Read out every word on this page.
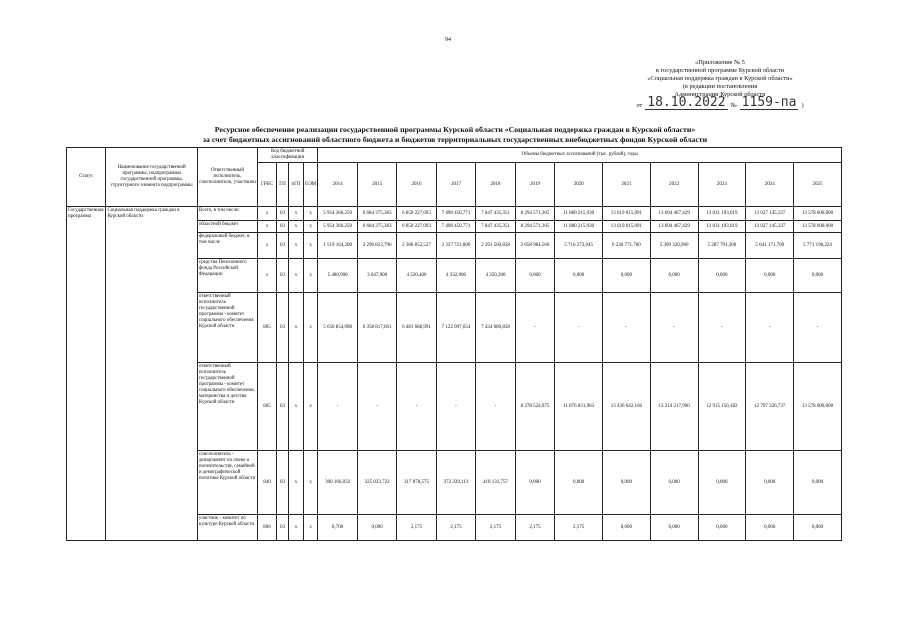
94
«Приложение № 5
к государственной программе Курской области
«Социальная поддержка граждан в Курской области»
(в редакции постановления
Администрации Курской области
от 18.10.2022 № 1159-па )
Ресурсное обеспечение реализации государственной программы Курской области «Социальная поддержка граждан в Курской области»
за счет бюджетных ассигнований областного бюджета и бюджетов территориальных государственных внебюджетных фондов Курской области
Статус	Наименование государственной программы, подпрограммы государственной программы, структурного элемента подпрограммы	Ответственный исполнитель, соисполнители, участники	Код бюджетной классификации				Объемы бюджетных ассигнований (тыс. рублей), годы											
			ГРБС	ГП	пГП	ОЭМ	2014	2015	2016	2017	2018	2019	2020	2021	2022	2023	2024	2025
Государственная программа	Социальная поддержка граждан в Курской области	Всего, в том числе:	x	03	x	x	5 954 366,250	6 684 375,383	6 850 227,093	7 498 450,771	7 847 435,351	8 294 571,305	11 880 215,930	13 619 015,091	13 694 467,429	13 031 193,019	13 027 145,337	13 578 600,000
		областной бюджет	x	03	x	x	5 954 366,250	6 684 375,383	6 850 227,093	7 498 450,771	7 847 435,351	8 294 571,305	11 880 215,930	13 619 015,091	13 694 467,429	13 031 193,019	13 027 145,337	13 578 600,000
		федеральный бюджет, в том числе	x	03	x	x	1 519 164,200	2 296 833,796	2 380 852,527	2 327 721,800	2 391 560,858	2 658 984,500	5 716 273,045	6 236 771,700	5 309 320,960	5 287 791,300	5 641 171,700	5 771 198,224
		средства Пенсионного фонда Российской Федерации	x	03	x	x	5 480,900	3 647,900	4 520,400	4 332,900	4 350,200	0,000	0,000	0,000	0,000	0,000	0,000	0,000
		ответственный исполнитель государственной программы - комитет социального обеспечения Курской области	805	03	x	x	5 650 854,098	6 358 817,661	6 481 688,991	7 122 097,654	7 434 080,858	-	-	-	-	-	-	-
		ответственный исполнитель государственной программы - комитет социального обеспечения, материнства и детства Курской области	805	03	x	x	-	-	-	-	-	8 278 524,975	11 876 831,963	13 436 642,166	13 214 217,990	12 915 156,182	12 797 326,737	13 578 600,000
		соисполнитель - департамент по опеке и попечительству, семейной и демографической политике Курской области	840	03	x	x	300 166,032	325 033,722	317 878,575	372 339,113	410 131,757	0,000	0,000	0,000	0,000	0,000	0,000	0,000
		участник - комитет по культуре Курской области	806	03	x	x	8,700	0,000	2,175	2,175	2,175	2,175	2,175	0,000	0,000	0,000	0,000	0,000
